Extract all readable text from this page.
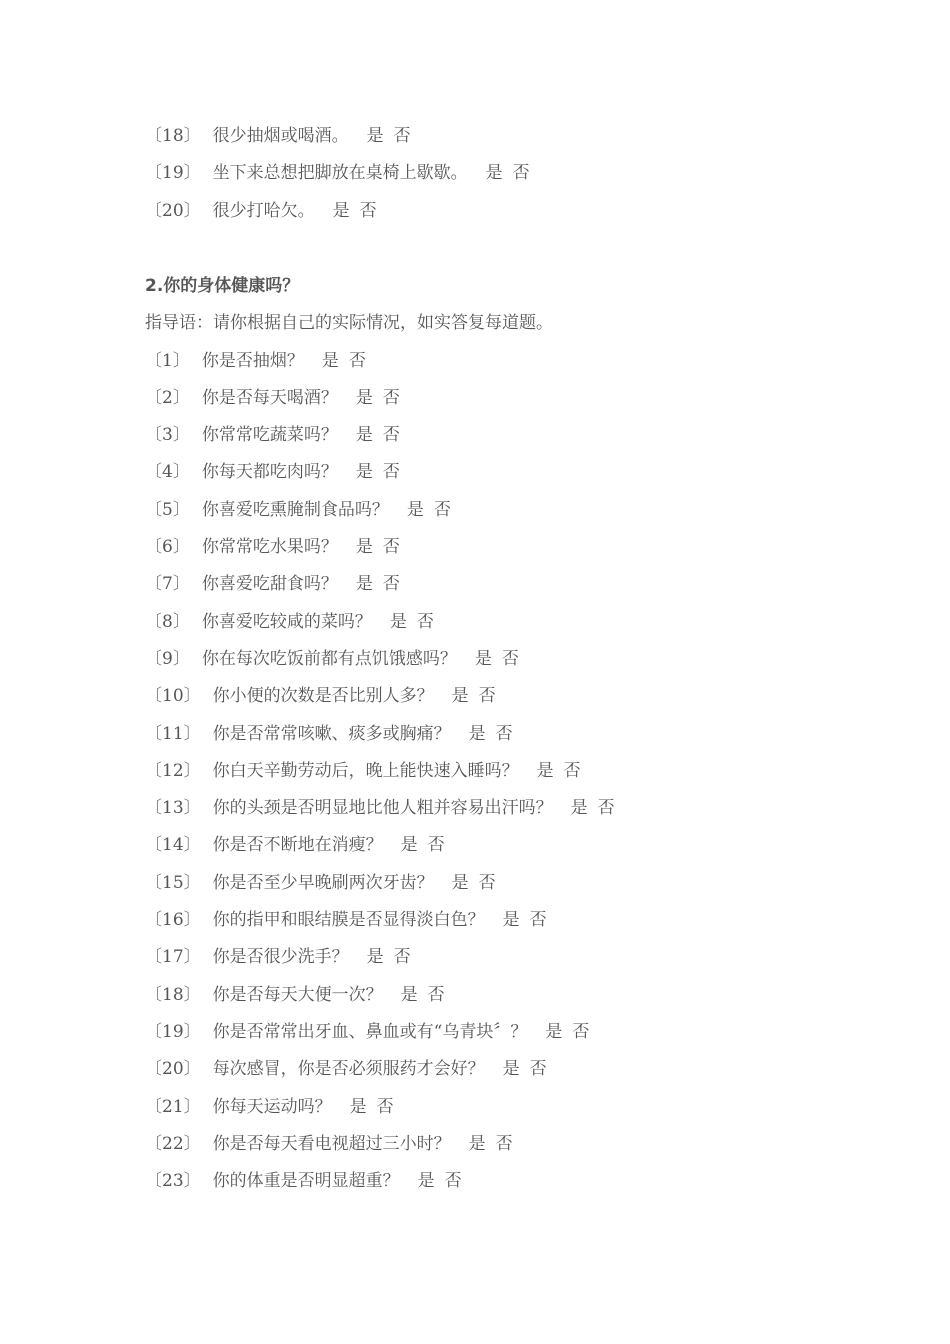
〔18〕 很少抽烟或喝酒。 是 否
〔19〕 坐下来总想把脚放在桌椅上歇歇。 是 否
〔20〕 很少打哈欠。 是 否
2.你的身体健康吗？
指导语：请你根据自己的实际情况，如实答复每道题。
〔1〕 你是否抽烟？ 是 否
〔2〕 你是否每天喝酒？ 是 否
〔3〕 你常常吃蔬菜吗？ 是 否
〔4〕 你每天都吃肉吗？ 是 否
〔5〕 你喜爱吃熏腌制食品吗？ 是 否
〔6〕 你常常吃水果吗？ 是 否
〔7〕 你喜爱吃甜食吗？ 是 否
〔8〕 你喜爱吃较咸的菜吗？ 是 否
〔9〕 你在每次吃饭前都有点饥饿感吗？ 是 否
〔10〕 你小便的次数是否比别人多？ 是 否
〔11〕 你是否常常咳嗽、痰多或胸痛？ 是 否
〔12〕 你白天辛勤劳动后，晚上能快速入睡吗？ 是 否
〔13〕 你的头颈是否明显地比他人粗并容易出汗吗？ 是 否
〔14〕 你是否不断地在消瘦？ 是 否
〔15〕 你是否至少早晚刷两次牙齿？ 是 否
〔16〕 你的指甲和眼结膜是否显得淡白色？ 是 否
〔17〕 你是否很少洗手？ 是 否
〔18〕 你是否每天大便一次？ 是 否
〔19〕 你是否常常出牙血、鼻血或有“乌青块〞？ 是 否
〔20〕 每次感冒，你是否必须服药才会好？ 是 否
〔21〕 你每天运动吗？ 是 否
〔22〕 你是否每天看电视超过三小时？ 是 否
〔23〕 你的体重是否明显超重？ 是 否
